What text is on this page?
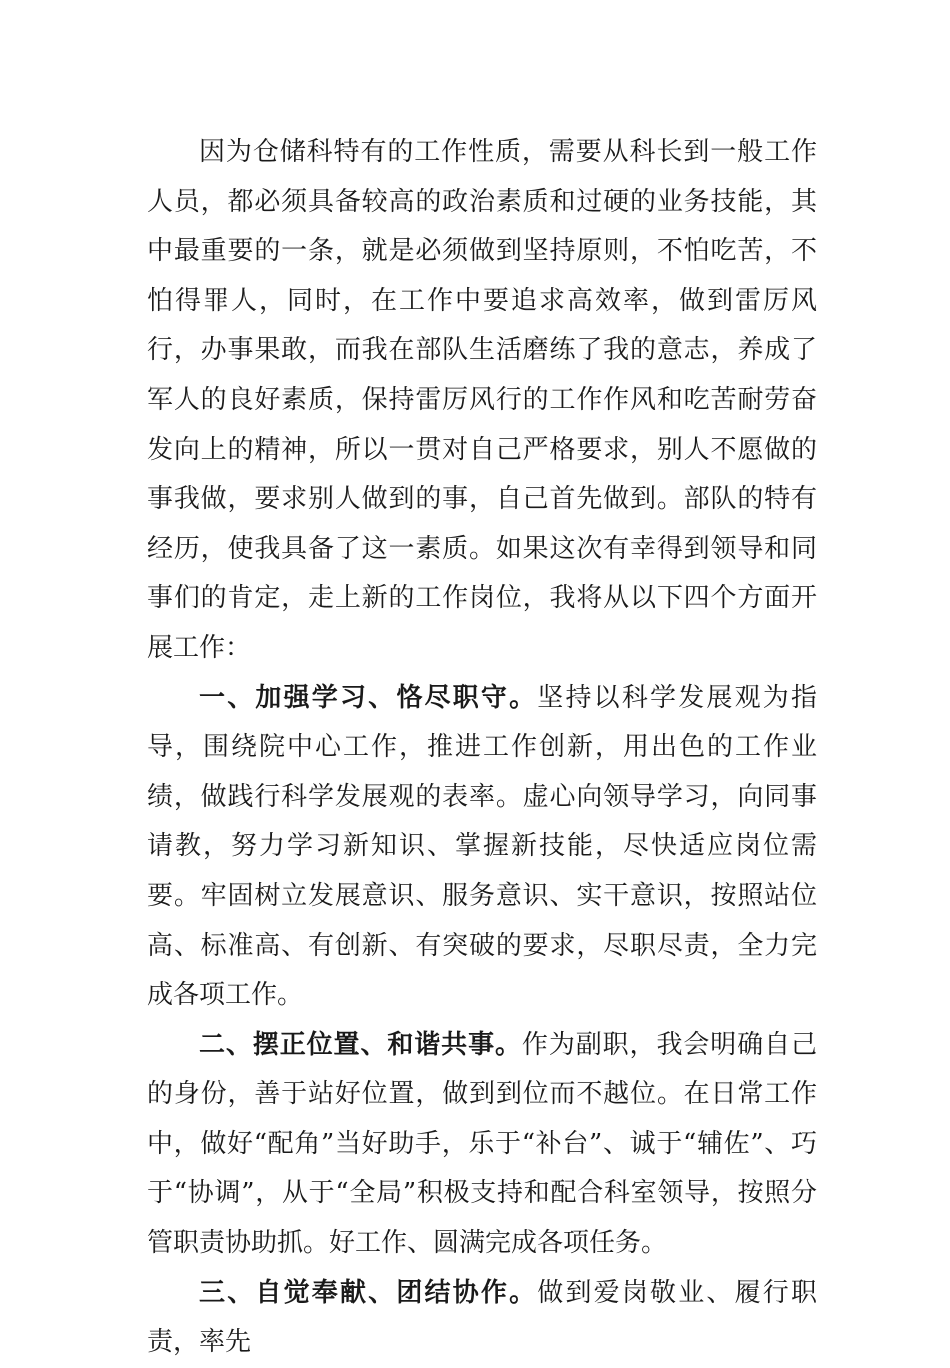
因为仓储科特有的工作性质，需要从科长到一般工作人员，都必须具备较高的政治素质和过硬的业务技能，其中最重要的一条，就是必须做到坚持原则，不怕吃苦，不怕得罪人，同时，在工作中要追求高效率，做到雷厉风行，办事果敢，而我在部队生活磨练了我的意志，养成了军人的良好素质，保持雷厉风行的工作作风和吃苦耐劳奋发向上的精神，所以一贯对自己严格要求，别人不愿做的事我做，要求别人做到的事，自己首先做到。部队的特有经历，使我具备了这一素质。如果这次有幸得到领导和同事们的肯定，走上新的工作岗位，我将从以下四个方面开展工作：

一、加强学习、恪尽职守。坚持以科学发展观为指导，围绕院中心工作，推进工作创新，用出色的工作业绩，做践行科学发展观的表率。虚心向领导学习，向同事请教，努力学习新知识、掌握新技能，尽快适应岗位需要。牢固树立发展意识、服务意识、实干意识，按照站位高、标准高、有创新、有突破的要求，尽职尽责，全力完成各项工作。

二、摆正位置、和谐共事。作为副职，我会明确自己的身份，善于站好位置，做到到位而不越位。在日常工作中，做好“配角”当好助手，乐于“补台”、诚于“辅佐”、巧于“协调”，从于“全局”积极支持和配合科室领导，按照分管职责协助抓。好工作、圆满完成各项任务。

三、自觉奉献、团结协作。做到爱岗敬业、履行职责，率先
